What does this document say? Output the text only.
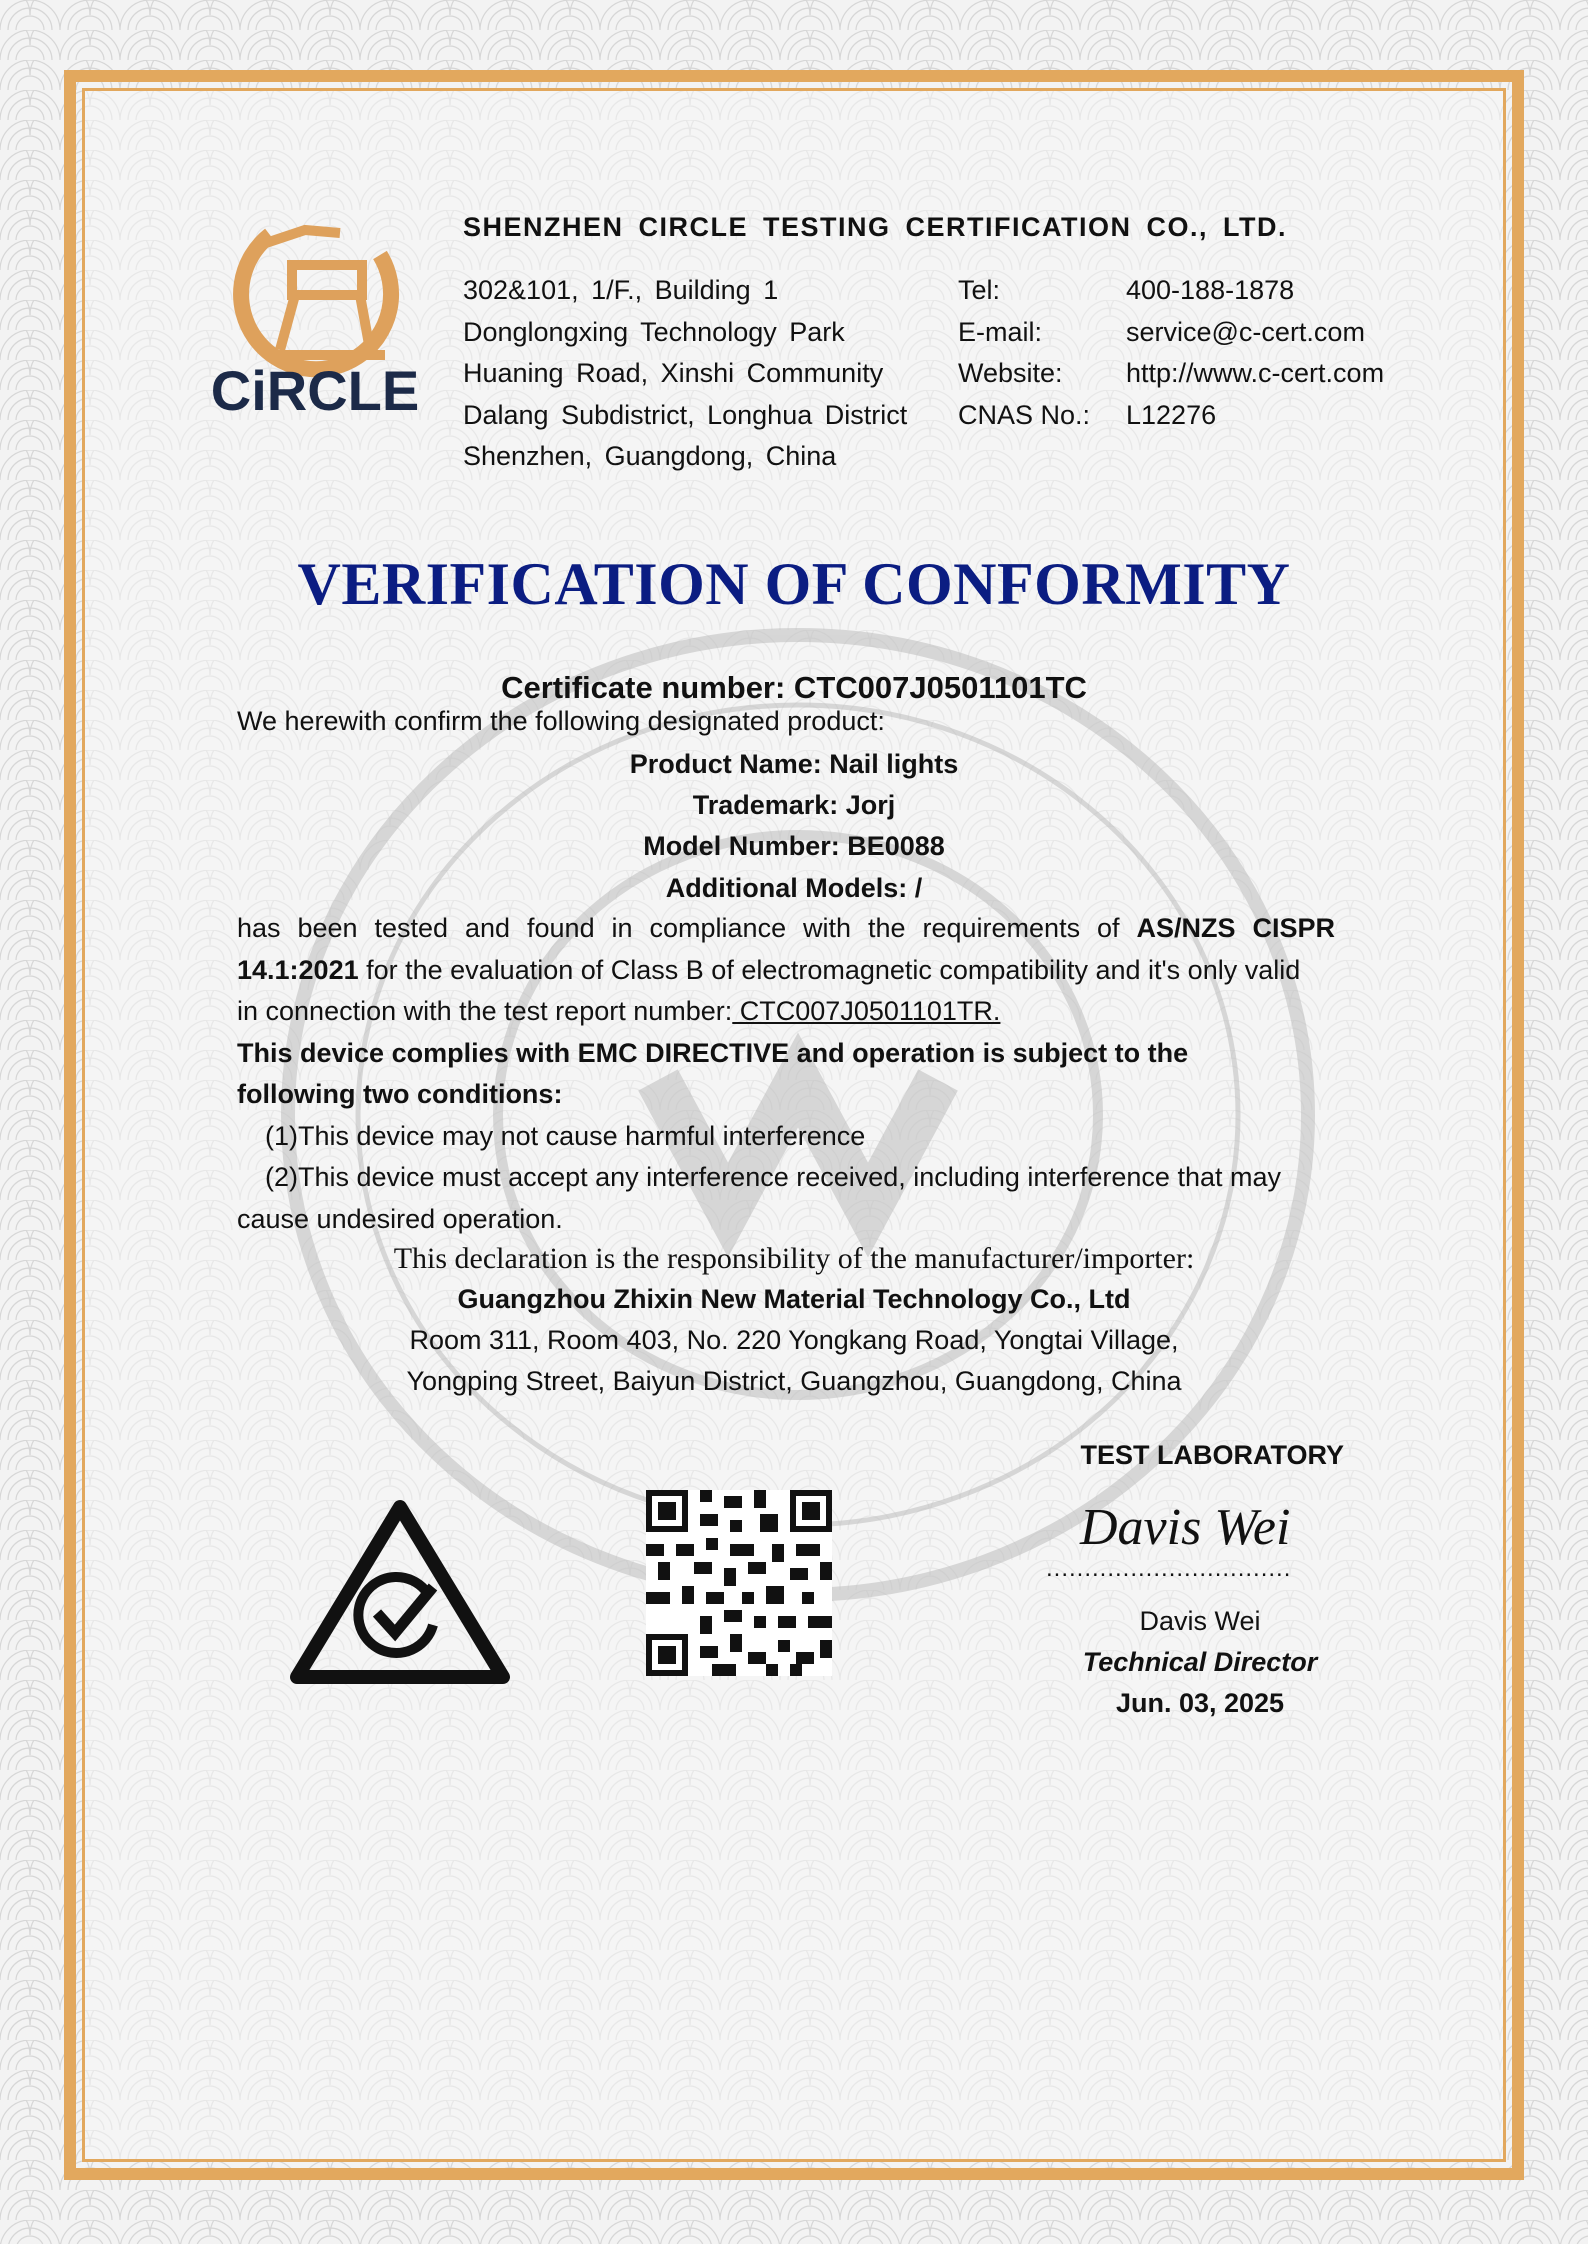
CiRCLE
SHENZHEN CIRCLE TESTING CERTIFICATION CO., LTD.
302&101, 1/F., Building 1
Donglongxing Technology Park
Huaning Road, Xinshi Community
Dalang Subdistrict, Longhua District
Shenzhen, Guangdong, China
Tel:
E-mail:
Website:
CNAS No.:
400-188-1878
service@c-cert.com
http://www.c-cert.com
L12276
VERIFICATION OF CONFORMITY
Certificate number: CTC007J0501101TC
We herewith confirm the following designated product:
Product Name: Nail lights
Trademark: Jorj
Model Number: BE0088
Additional Models: /
has been tested and found in compliance with the requirements of AS/NZS CISPR
14.1:2021 for the evaluation of Class B of electromagnetic compatibility and it's only valid
in connection with the test report number: CTC007J0501101TR.
This device complies with EMC DIRECTIVE and operation is subject to the
following two conditions:
(1)This device may not cause harmful interference
(2)This device must accept any interference received, including interference that may
cause undesired operation.
This declaration is the responsibility of the manufacturer/importer:
Guangzhou Zhixin New Material Technology Co., Ltd
Room 311, Room 403, No. 220 Yongkang Road, Yongtai Village,
Yongping Street, Baiyun District, Guangzhou, Guangdong, China
TEST LABORATORY
Davis Wei
................................
Davis Wei
Technical Director
Jun. 03, 2025
